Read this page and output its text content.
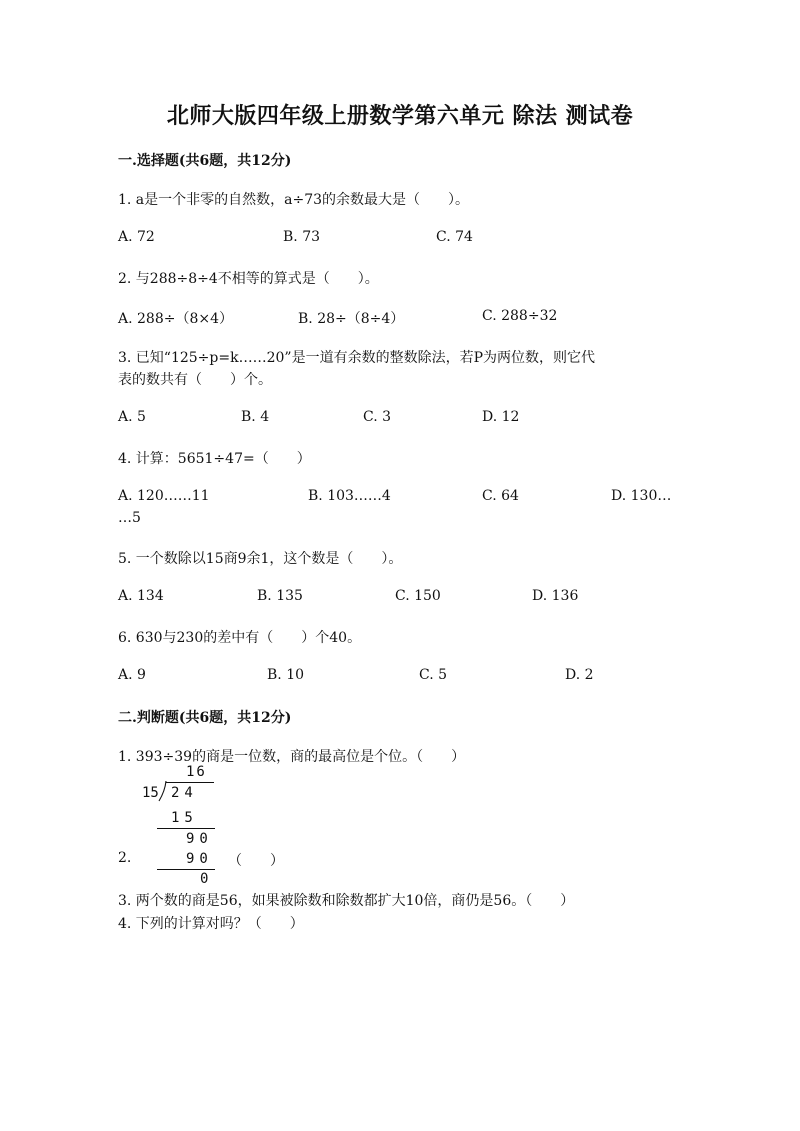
北师大版四年级上册数学第六单元 除法 测试卷
一.选择题(共6题，共12分)
1. a是一个非零的自然数，a÷73的余数最大是（　　）。
A. 72	B. 73	C. 74
2. 与288÷8÷4不相等的算式是（　　）。
A. 288÷（8×4）	B. 28÷（8÷4）	C. 288÷32
3. 已知“125÷p=k……20”是一道有余数的整数除法，若P为两位数，则它代
表的数共有（　　）个。
A. 5	B. 4	C. 3	D. 12
4. 计算：5651÷47=（　　）
A. 120……11	B. 103……4	C. 64	D. 130…
…5
5. 一个数除以15商9余1，这个数是（　　）。
A. 134	B. 135	C. 150	D. 136
6. 630与230的差中有（　　）个40。
A. 9	B. 10	C. 5	D. 2
二.判断题(共6题，共12分)
1. 393÷39的商是一位数，商的最高位是个位。（　　）
16
15 24
15
90
2.	90 （　　）
0
3. 两个数的商是56，如果被除数和除数都扩大10倍，商仍是56。（　　）
4. 下列的计算对吗？（　　）
